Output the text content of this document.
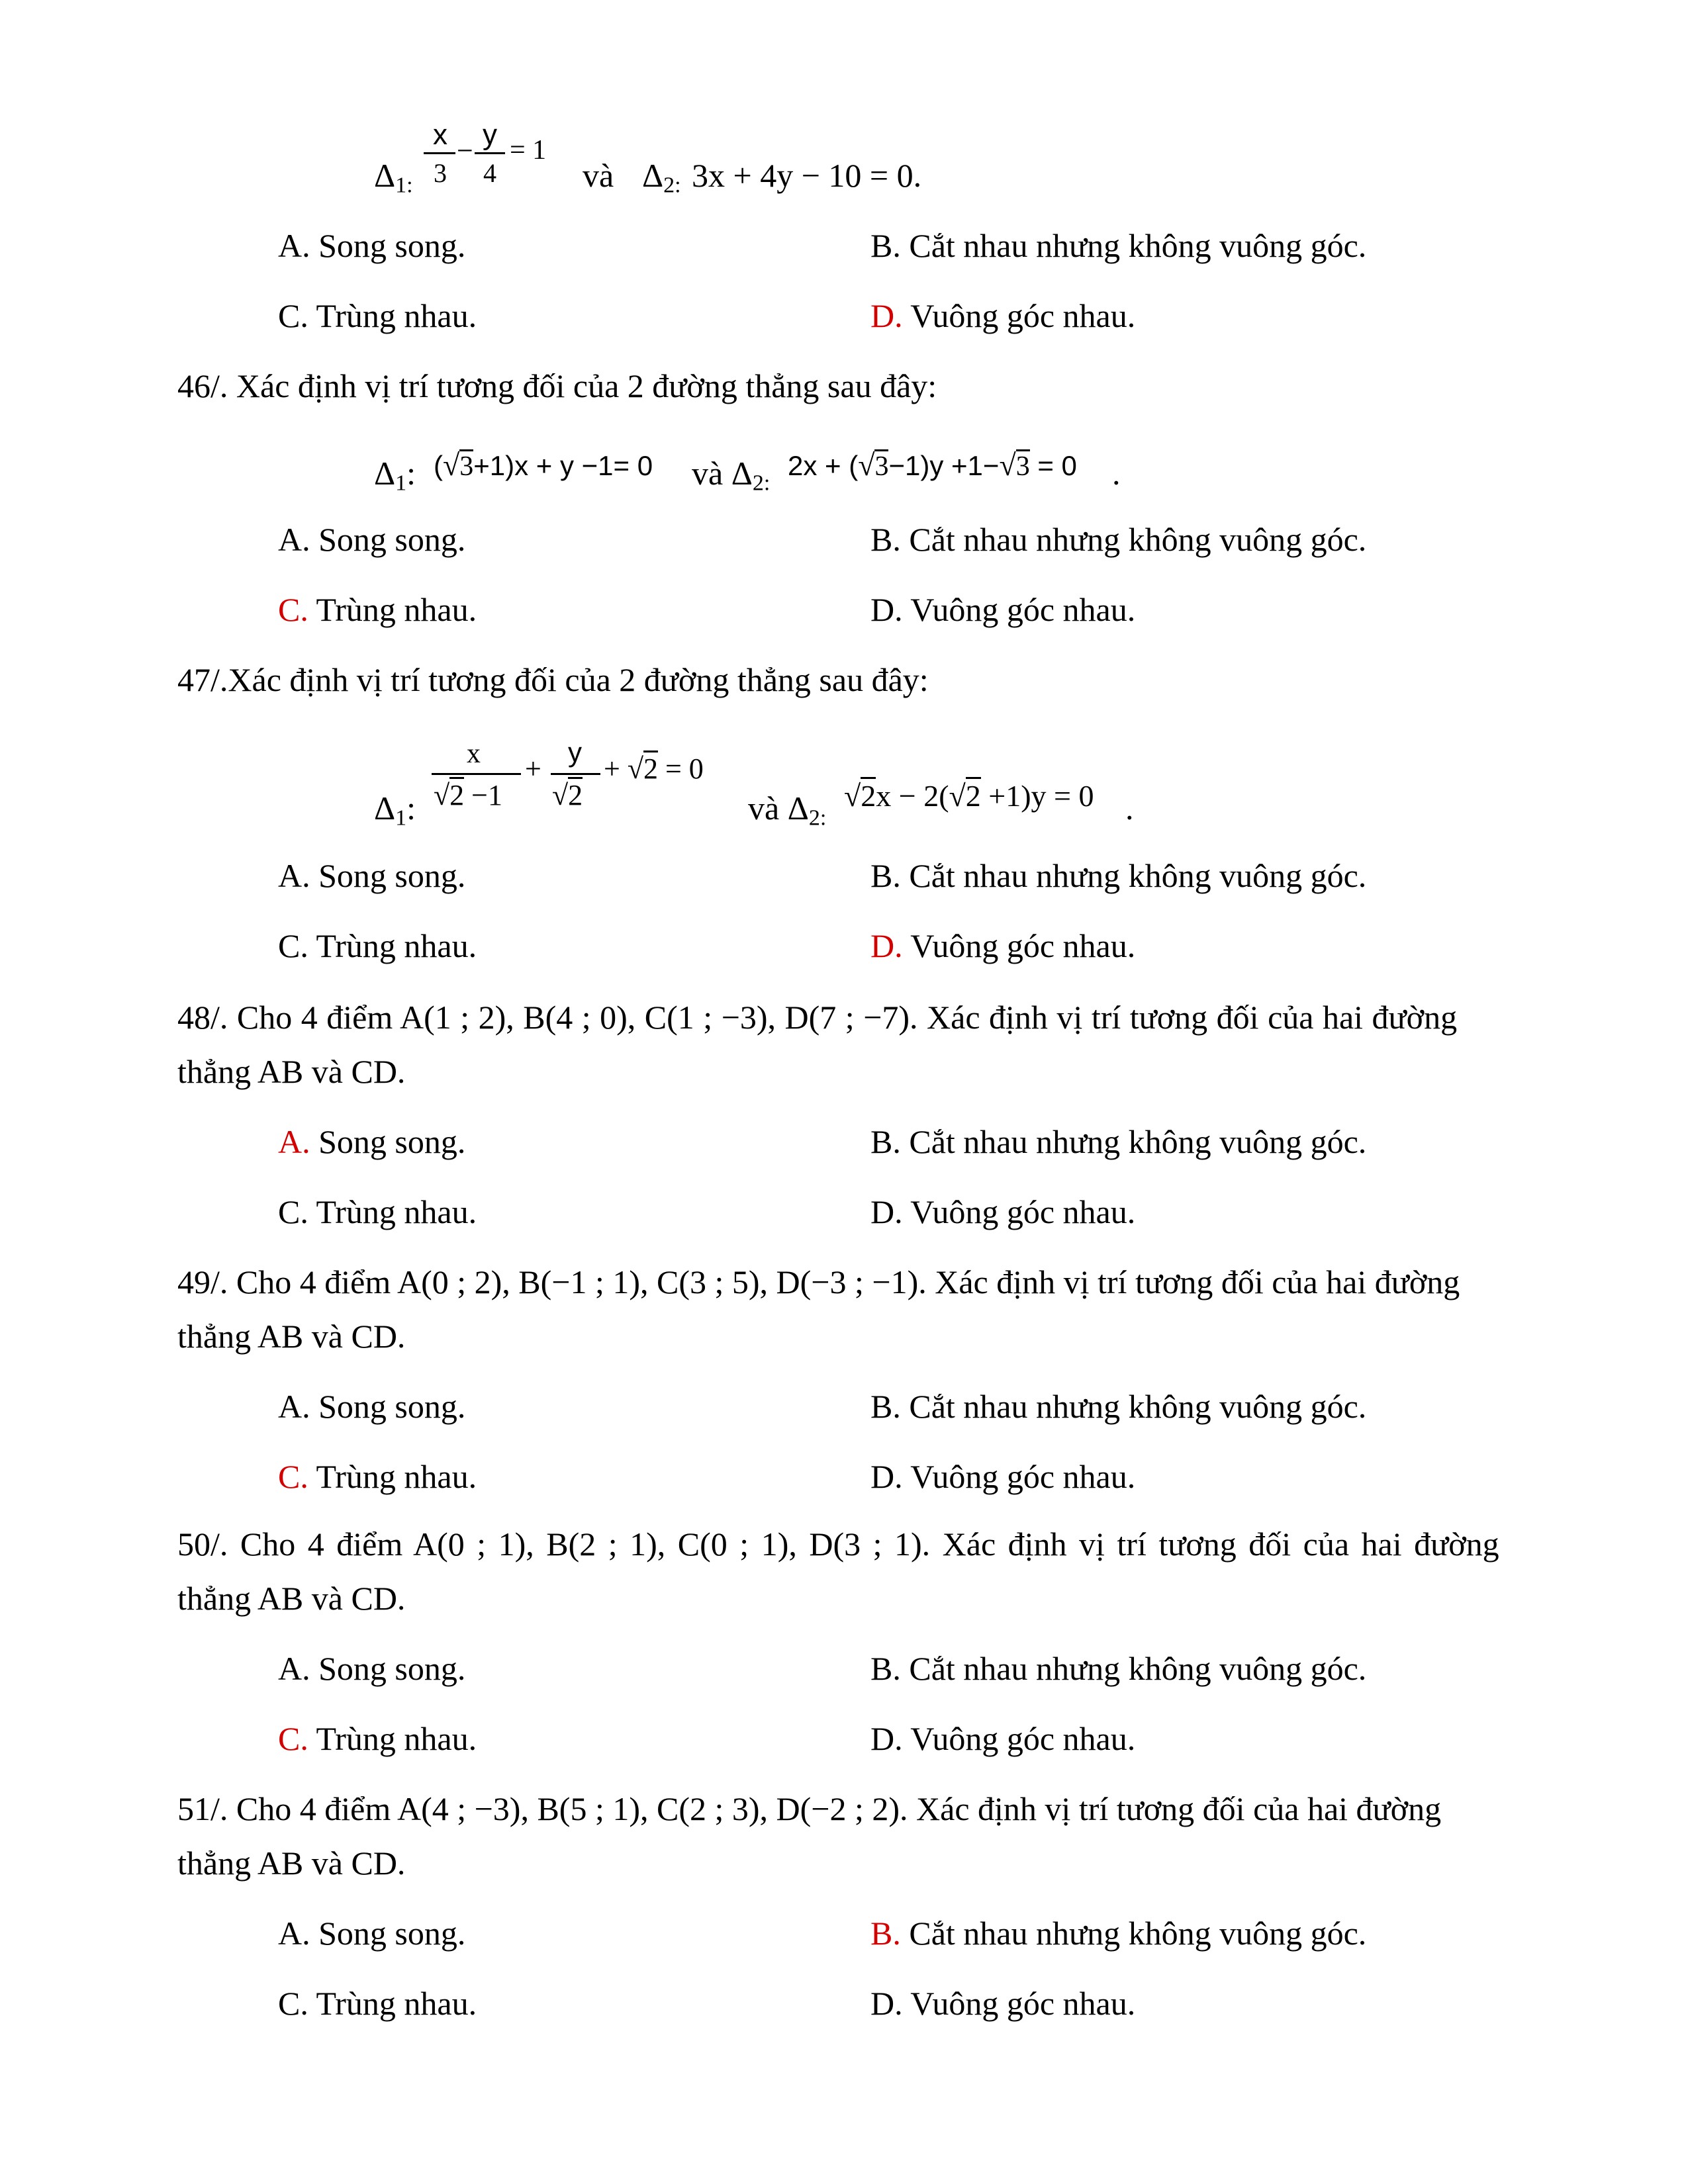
$\Delta_{1:}$
x
3
− y
4
= 1
và $\Delta_{2:}$ 3x + 4y − 10 = 0.
A. Song song.	B. Cắt nhau nhưng không vuông góc.
C. Trùng nhau.	D. Vuông góc nhau.
46/. Xác định vị trí tương đối của 2 đường thẳng sau đây:
$\Delta_1$: (√3+1)x + y −1= 0 và $\Delta_{2:}$
2x + (√3−1)y +1−√3 = 0 .
A. Song song.	B. Cắt nhau nhưng không vuông góc.
C. Trùng nhau.	D. Vuông góc nhau.
47/.Xác định vị trí tương đối của 2 đường thẳng sau đây:
$\Delta_1$:
x
√2 −1
+
y
√2
+ √2 = 0
và $\Delta_{2:}$
√2x − 2(√2 +1)y = 0 .
A. Song song.	B. Cắt nhau nhưng không vuông góc.
C. Trùng nhau.	D. Vuông góc nhau.
48/. Cho 4 điểm A(1 ; 2), B(4 ; 0), C(1 ; −3), D(7 ; −7). Xác định vị trí tương đối của hai đường
thẳng AB và CD.
A. Song song.	B. Cắt nhau nhưng không vuông góc.
C. Trùng nhau.	D. Vuông góc nhau.
49/. Cho 4 điểm A(0 ; 2), B(−1 ; 1), C(3 ; 5), D(−3 ; −1). Xác định vị trí tương đối của hai đường
thẳng AB và CD.
A. Song song.	B. Cắt nhau nhưng không vuông góc.
C. Trùng nhau.	D. Vuông góc nhau.
50/. Cho 4 điểm A(0 ; 1), B(2 ; 1), C(0 ; 1), D(3 ; 1). Xác định vị trí tương đối của hai đường
thẳng AB và CD.
A. Song song.	B. Cắt nhau nhưng không vuông góc.
C. Trùng nhau.	D. Vuông góc nhau.
51/. Cho 4 điểm A(4 ; −3), B(5 ; 1), C(2 ; 3), D(−2 ; 2). Xác định vị trí tương đối của hai đường
thẳng AB và CD.
A. Song song.	B. Cắt nhau nhưng không vuông góc.
C. Trùng nhau.	D. Vuông góc nhau.
